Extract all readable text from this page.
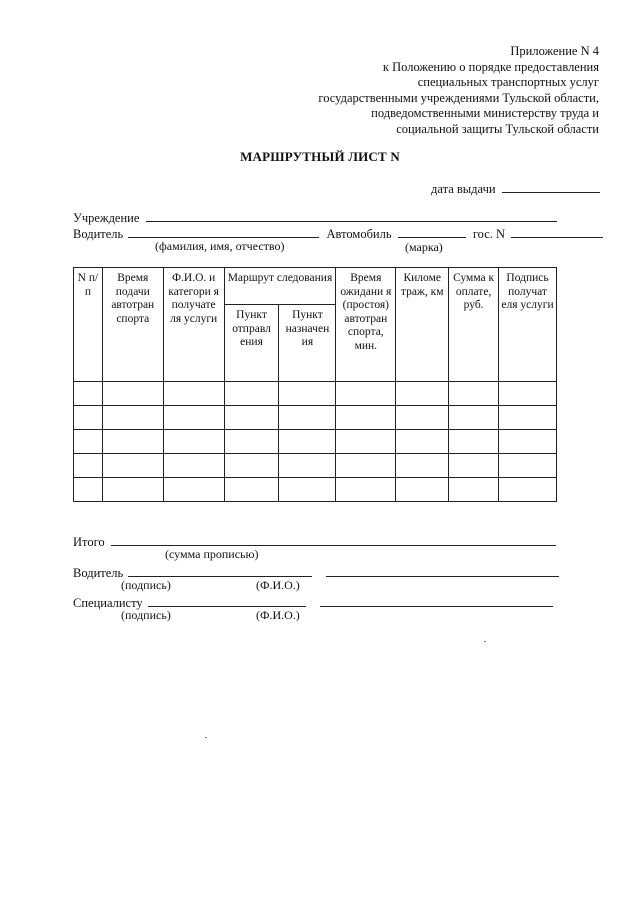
Приложение N 4
к Положению о порядке предоставления
специальных транспортных услуг
государственными учреждениями Тульской области,
подведомственными министерству труда и
социальной защиты Тульской области
МАРШРУТНЫЙ ЛИСТ N
дата выдачи
Учреждение
Водитель	Автомобиль	гос. N
(фамилия, имя, отчество)	(марка)
N п/п	Время подачи автотран спорта	Ф.И.О. и категори я получате ля услуги	Маршрут следования		Время ожидани я (простоя) автотран спорта, мин.	Киломе траж, км	Сумма к оплате, руб.	Подпись получат еля услуги
			Пункт отправл ения	Пункт назначен ия				

Итого
(сумма прописью)
Водитель
(подпись)	(Ф.И.О.)
Специалисту
(подпись)	(Ф.И.О.)
